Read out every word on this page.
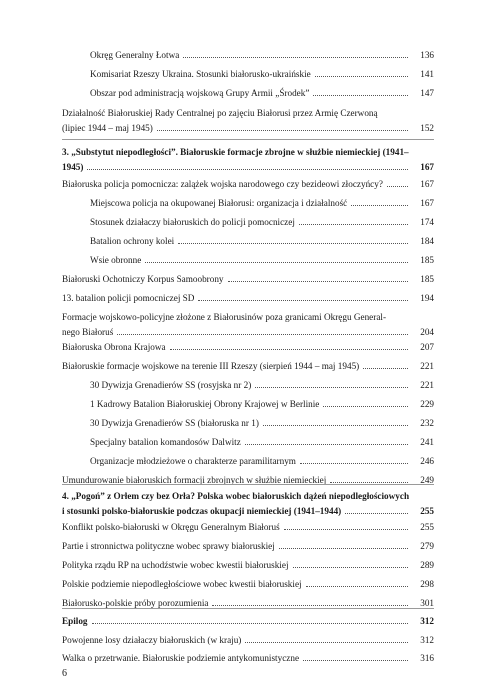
Okręg Generalny Łotwa	136
Komisariat Rzeszy Ukraina. Stosunki białorusko-ukraińskie	141
Obszar pod administracją wojskową Grupy Armii „Środek”	147
Działalność Białoruskiej Rady Centralnej po zajęciu Białorusi przez Armię Czerwoną
(lipiec 1944 – maj 1945)	152
3. „Substytut niepodległości”. Białoruskie formacje zbrojne w służbie niemieckiej (1941–
1945)	167
Białoruska policja pomocnicza: zalążek wojska narodowego czy bezideowi złoczyńcy?	167
Miejscowa policja na okupowanej Białorusi: organizacja i działalność	167
Stosunek działaczy białoruskich do policji pomocniczej	174
Batalion ochrony kolei	184
Wsie obronne	185
Białoruski Ochotniczy Korpus Samoobrony	185
13. batalion policji pomocniczej SD	194
Formacje wojskowo-policyjne złożone z Białorusinów poza granicami Okręgu General-
nego Białoruś	204
Białoruska Obrona Krajowa	207
Białoruskie formacje wojskowe na terenie III Rzeszy (sierpień 1944 – maj 1945)	221
30 Dywizja Grenadierów SS (rosyjska nr 2)	221
1 Kadrowy Batalion Białoruskiej Obrony Krajowej w Berlinie	229
30 Dywizja Grenadierów SS (białoruska nr 1)	232
Specjalny batalion komandosów Dalwitz	241
Organizacje młodzieżowe o charakterze paramilitarnym	246
Umundurowanie białoruskich formacji zbrojnych w służbie niemieckiej	249
4. „Pogoń” z Orłem czy bez Orła? Polska wobec białoruskich dążeń niepodległościowych
i stosunki polsko-białoruskie podczas okupacji niemieckiej (1941–1944)	255
Konflikt polsko-białoruski w Okręgu Generalnym Białoruś	255
Partie i stronnictwa polityczne wobec sprawy białoruskiej	279
Polityka rządu RP na uchodźstwie wobec kwestii białoruskiej	289
Polskie podziemie niepodległościowe wobec kwestii białoruskiej	298
Białorusko-polskie próby porozumienia	301
Epilog	312
Powojenne losy działaczy białoruskich (w kraju)	312
Walka o przetrwanie. Białoruskie podziemie antykomunistyczne	316
6
